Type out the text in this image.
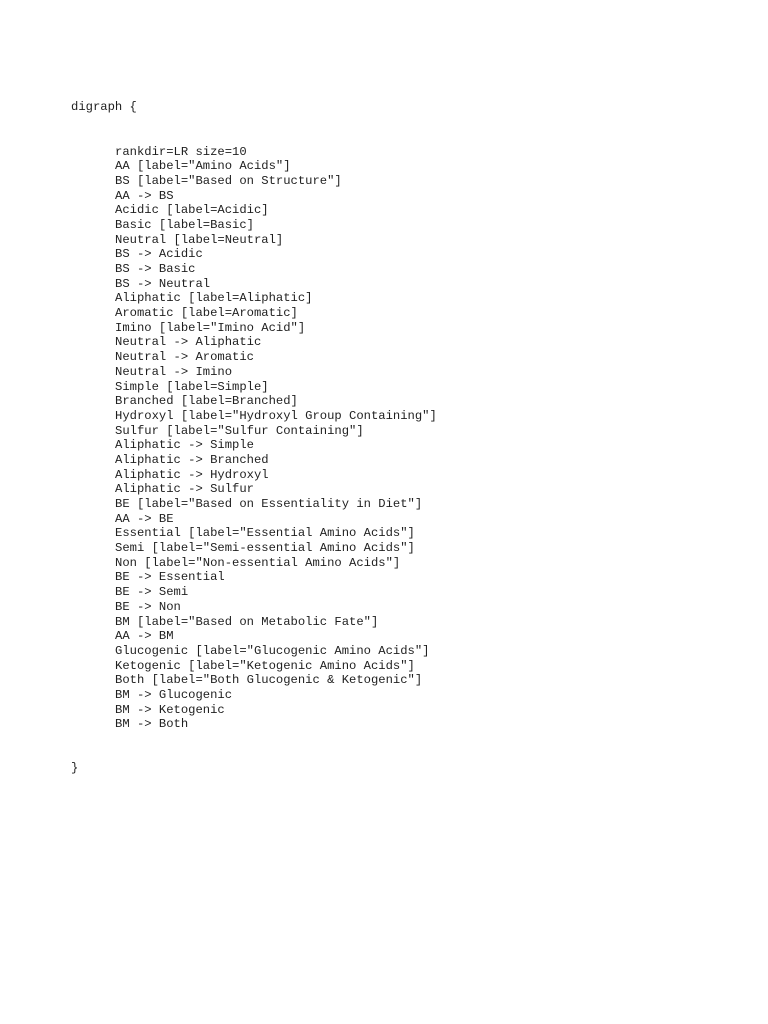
digraph {

rankdir=LR size=10
AA [label="Amino Acids"]
BS [label="Based on Structure"]
AA -> BS
Acidic [label=Acidic]
Basic [label=Basic]
Neutral [label=Neutral]
BS -> Acidic
BS -> Basic
BS -> Neutral
Aliphatic [label=Aliphatic]
Aromatic [label=Aromatic]
Imino [label="Imino Acid"]
Neutral -> Aliphatic
Neutral -> Aromatic
Neutral -> Imino
Simple [label=Simple]
Branched [label=Branched]
Hydroxyl [label="Hydroxyl Group Containing"]
Sulfur [label="Sulfur Containing"]
Aliphatic -> Simple
Aliphatic -> Branched
Aliphatic -> Hydroxyl
Aliphatic -> Sulfur
BE [label="Based on Essentiality in Diet"]
AA -> BE
Essential [label="Essential Amino Acids"]
Semi [label="Semi-essential Amino Acids"]
Non [label="Non-essential Amino Acids"]
BE -> Essential
BE -> Semi
BE -> Non
BM [label="Based on Metabolic Fate"]
AA -> BM
Glucogenic [label="Glucogenic Amino Acids"]
Ketogenic [label="Ketogenic Amino Acids"]
Both [label="Both Glucogenic & Ketogenic"]
BM -> Glucogenic
BM -> Ketogenic
BM -> Both

}
